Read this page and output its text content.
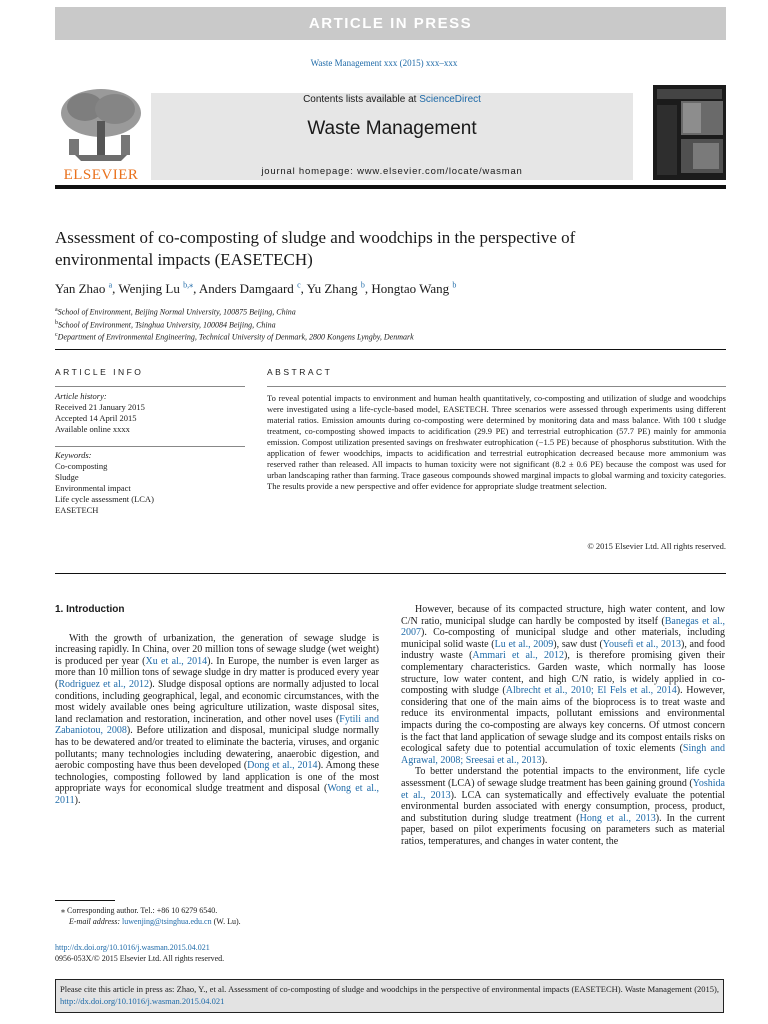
ARTICLE IN PRESS
Waste Management xxx (2015) xxx–xxx
ELSEVIER
Contents lists available at ScienceDirect
Waste Management
journal homepage: www.elsevier.com/locate/wasman
Assessment of co-composting of sludge and woodchips in the perspective of environmental impacts (EASETECH)
Yan Zhao $^a$, Wenjing Lu $^{b,⁎}$, Anders Damgaard $^c$, Yu Zhang $^b$, Hongtao Wang $^b$
$^a$School of Environment, Beijing Normal University, 100875 Beijing, China
$^b$School of Environment, Tsinghua University, 100084 Beijing, China
$^c$Department of Environmental Engineering, Technical University of Denmark, 2800 Kongens Lyngby, Denmark
ARTICLE INFO	ABSTRACT
Article history:
Received 21 January 2015
Accepted 14 April 2015
Available online xxxx
Keywords:
Co-composting
Sludge
Environmental impact
Life cycle assessment (LCA)
EASETECH
To reveal potential impacts to environment and human health quantitatively, co-composting and utilization of sludge and woodchips were investigated using a life-cycle-based model, EASETECH. Three scenarios were assessed through experiments using different material ratios. Emission amounts during co-composting were determined by monitoring data and mass balance. With 100 t sludge treatment, co-composting showed impacts to acidification (29.9 PE) and terrestrial eutrophication (57.7 PE) mainly for ammonia emission. Compost utilization presented savings on freshwater eutrophication (−1.5 PE) because of phosphorus substitution. With the application of fewer woodchips, impacts to acidification and terrestrial eutrophication decreased because more ammonium was reserved rather than released. All impacts to human toxicity were not significant (8.2 ± 0.6 PE) because the compost was used for urban landscaping rather than farming. Trace gaseous compounds showed marginal impacts to global warming and toxicity categories. The results provide a new perspective and offer evidence for appropriate sludge treatment selection.
© 2015 Elsevier Ltd. All rights reserved.
1. Introduction

With the growth of urbanization, the generation of sewage sludge is increasing rapidly. In China, over 20 million tons of sewage sludge (wet weight) is produced per year (Xu et al., 2014). In Europe, the number is even larger as more than 10 million tons of sewage sludge in dry matter is produced every year (Rodriguez et al., 2012). Sludge disposal options are normally adjusted to local conditions, including geographical, legal, and economic circumstances, with the most widely available ones being agriculture utilization, waste disposal sites, land reclamation and restoration, incineration, and other novel uses (Fytili and Zabaniotou, 2008). Before utilization and disposal, municipal sludge normally has to be dewatered and/or treated to eliminate the bacteria, viruses, and organic pollutants; many technologies including dewatering, anaerobic digestion, and aerobic composting have thus been developed (Dong et al., 2014). Among these technologies, composting followed by land application is one of the most appropriate ways for economical sludge treatment and disposal (Wong et al., 2011).

However, because of its compacted structure, high water content, and low C/N ratio, municipal sludge can hardly be composted by itself (Banegas et al., 2007). Co-composting of municipal sludge and other materials, including municipal solid waste (Lu et al., 2009), saw dust (Yousefi et al., 2013), and food industry waste (Ammari et al., 2012), is therefore promising given their complementary characteristics. Garden waste, which normally has loose structure, low water content, and high C/N ratio, is widely applied in co-composting with sludge (Albrecht et al., 2010; El Fels et al., 2014). However, considering that one of the main aims of the bioprocess is to treat waste and reduce its environmental impacts, pollutant emissions and environmental impacts during the co-composting are always key concerns. Of utmost concern is the fact that land application of sewage sludge and its compost entails risks on ecological safety due to potential accumulation of toxic elements (Singh and Agrawal, 2008; Sreesai et al., 2013).

To better understand the potential impacts to the environment, life cycle assessment (LCA) of sewage sludge treatment has been gaining ground (Yoshida et al., 2013). LCA can systematically and effectively evaluate the potential environmental burden associated with energy consumption, process, product, and substitution during sludge treatment (Hong et al., 2013). In the current paper, based on pilot experiments focusing on parameters such as material ratios, temperatures, and changes in water content, the

⁎ Corresponding author. Tel.: +86 10 6279 6540.
E-mail address: luwenjing@tsinghua.edu.cn (W. Lu).
http://dx.doi.org/10.1016/j.wasman.2015.04.021
0956-053X/© 2015 Elsevier Ltd. All rights reserved.
Please cite this article in press as: Zhao, Y., et al. Assessment of co-composting of sludge and woodchips in the perspective of environmental impacts (EASETECH). Waste Management (2015), http://dx.doi.org/10.1016/j.wasman.2015.04.021
